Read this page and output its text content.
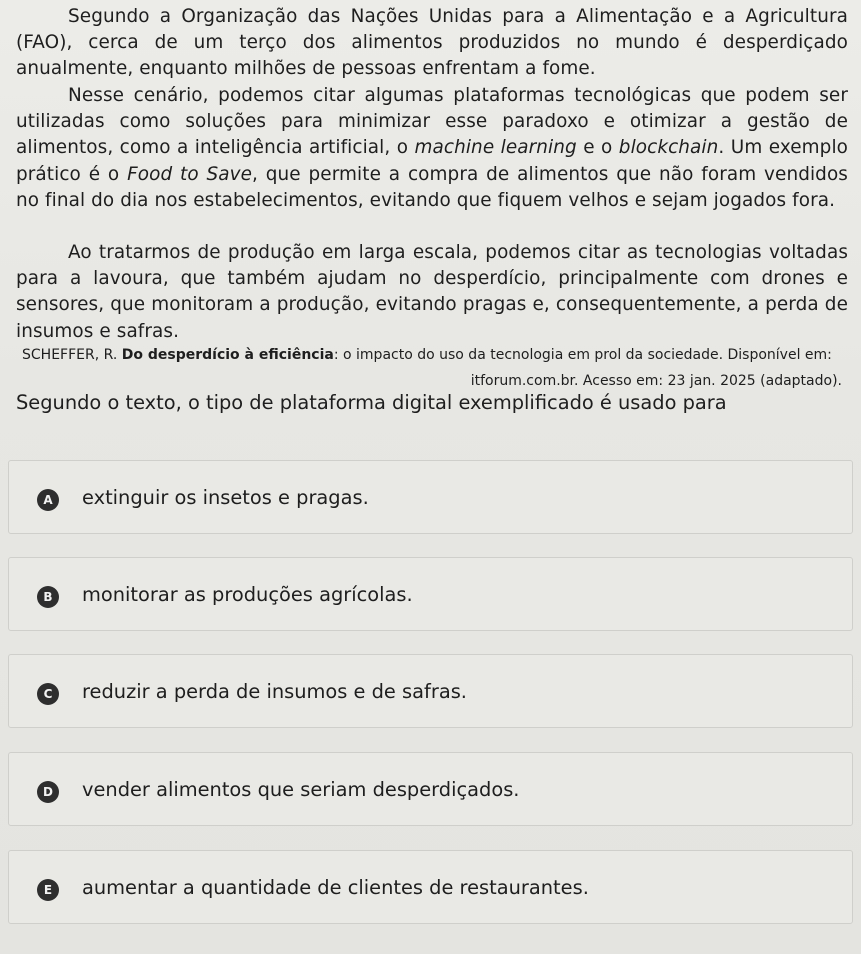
Segundo a Organização das Nações Unidas para a Alimentação e a Agricultura (FAO), cerca de um terço dos alimentos produzidos no mundo é desperdiçado anualmente, enquanto milhões de pessoas enfrentam a fome.

Nesse cenário, podemos citar algumas plataformas tecnológicas que podem ser utilizadas como soluções para minimizar esse paradoxo e otimizar a gestão de alimentos, como a inteligência artificial, o machine learning e o blockchain. Um exemplo prático é o Food to Save, que permite a compra de alimentos que não foram vendidos no final do dia nos estabelecimentos, evitando que fiquem velhos e sejam jogados fora.

Ao tratarmos de produção em larga escala, podemos citar as tecnologias voltadas para a lavoura, que também ajudam no desperdício, principalmente com drones e sensores, que monitoram a produção, evitando pragas e, consequentemente, a perda de insumos e safras.

SCHEFFER, R. Do desperdício à eficiência: o impacto do uso da tecnologia em prol da sociedade. Disponível em:
itforum.com.br. Acesso em: 23 jan. 2025 (adaptado).
Segundo o texto, o tipo de plataforma digital exemplificado é usado para
A	extinguir os insetos e pragas.
B	monitorar as produções agrícolas.
C	reduzir a perda de insumos e de safras.
D	vender alimentos que seriam desperdiçados.
E	aumentar a quantidade de clientes de restaurantes.
